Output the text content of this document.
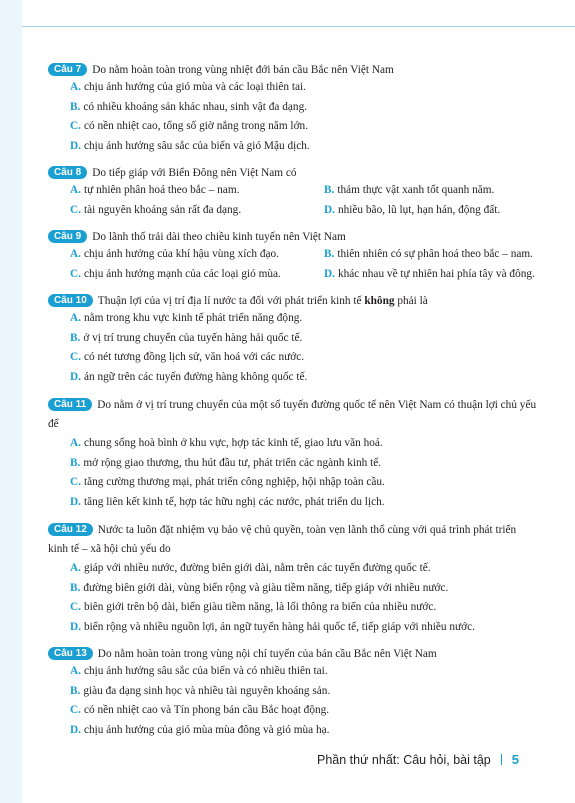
Câu 7 Do nằm hoàn toàn trong vùng nhiệt đới bán cầu Bắc nên Việt Nam
A. chịu ảnh hưởng của gió mùa và các loại thiên tai.
B. có nhiều khoáng sản khác nhau, sinh vật đa dạng.
C. có nền nhiệt cao, tổng số giờ nắng trong năm lớn.
D. chịu ảnh hưởng sâu sắc của biển và gió Mậu dịch.
Câu 8 Do tiếp giáp với Biển Đông nên Việt Nam có
A. tự nhiên phân hoá theo bắc – nam.	B. thảm thực vật xanh tốt quanh năm.
C. tài nguyên khoáng sản rất đa dạng.	D. nhiều bão, lũ lụt, hạn hán, động đất.
Câu 9 Do lãnh thổ trải dài theo chiều kinh tuyến nên Việt Nam
A. chịu ảnh hưởng của khí hậu vùng xích đạo.	B. thiên nhiên có sự phân hoá theo bắc – nam.
C. chịu ảnh hưởng mạnh của các loại gió mùa.	D. khác nhau về tự nhiên hai phía tây và đông.
Câu 10 Thuận lợi của vị trí địa lí nước ta đối với phát triển kinh tế không phải là
A. nằm trong khu vực kinh tế phát triển năng động.
B. ở vị trí trung chuyển của tuyến hàng hải quốc tế.
C. có nét tương đồng lịch sử, văn hoá với các nước.
D. án ngữ trên các tuyến đường hàng không quốc tế.
Câu 11 Do nằm ở vị trí trung chuyển của một số tuyến đường quốc tế nên Việt Nam có thuận lợi chủ yếu để
A. chung sống hoà bình ở khu vực, hợp tác kinh tế, giao lưu văn hoá.
B. mở rộng giao thương, thu hút đầu tư, phát triển các ngành kinh tế.
C. tăng cường thương mại, phát triển công nghiệp, hội nhập toàn cầu.
D. tăng liên kết kinh tế, hợp tác hữu nghị các nước, phát triển du lịch.
Câu 12 Nước ta luôn đặt nhiệm vụ bảo vệ chủ quyền, toàn vẹn lãnh thổ cùng với quá trình phát triển kinh tế – xã hội chủ yếu do
A. giáp với nhiều nước, đường biên giới dài, nằm trên các tuyến đường quốc tế.
B. đường biên giới dài, vùng biển rộng và giàu tiềm năng, tiếp giáp với nhiều nước.
C. biên giới trên bộ dài, biển giàu tiềm năng, là lối thông ra biển của nhiều nước.
D. biển rộng và nhiều nguồn lợi, án ngữ tuyến hàng hải quốc tế, tiếp giáp với nhiều nước.
Câu 13 Do nằm hoàn toàn trong vùng nội chí tuyến của bán cầu Bắc nên Việt Nam
A. chịu ảnh hưởng sâu sắc của biển và có nhiều thiên tai.
B. giàu đa dạng sinh học và nhiều tài nguyên khoáng sản.
C. có nền nhiệt cao và Tín phong bán cầu Bắc hoạt động.
D. chịu ảnh hưởng của gió mùa mùa đông và gió mùa hạ.
Phần thứ nhất: Câu hỏi, bài tập 5
